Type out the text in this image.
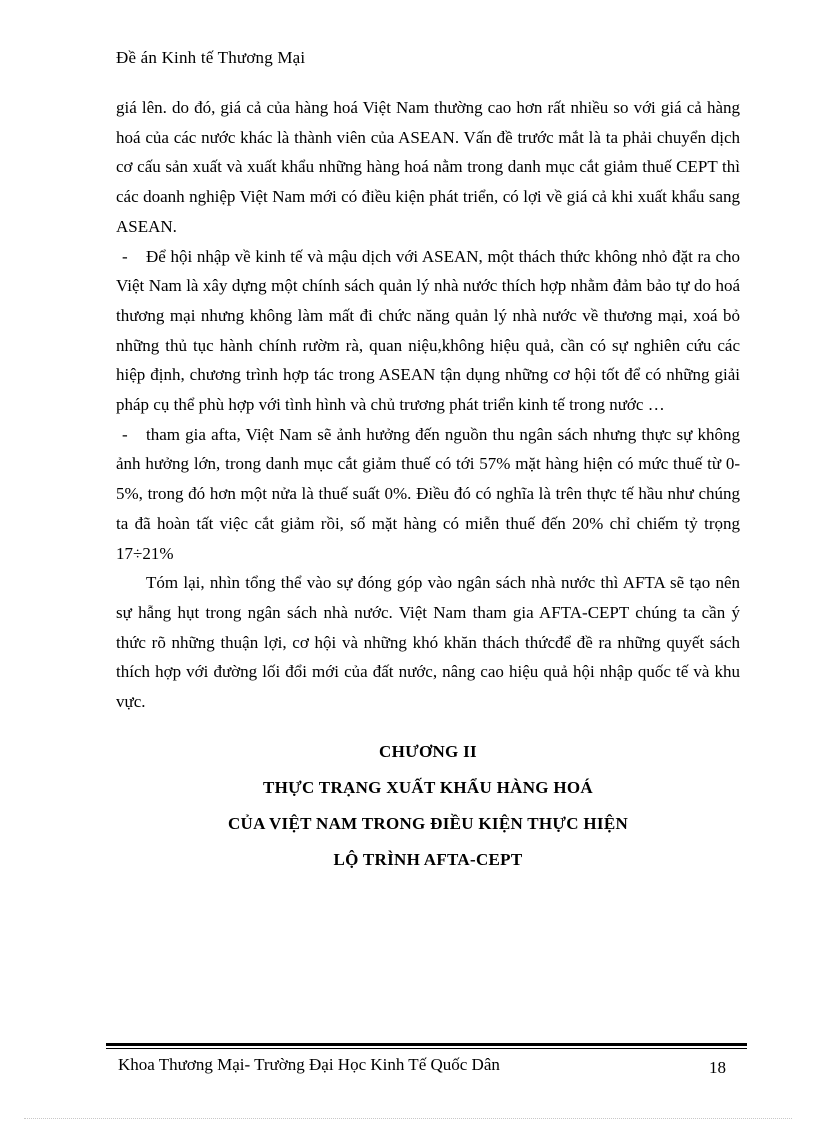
Đề án Kinh tế Thương Mại

giá lên. do đó, giá cả của hàng hoá Việt Nam thường cao hơn rất nhiều so với giá cả hàng hoá của các nước khác là thành viên của ASEAN. Vấn đề trước mắt là ta phải chuyển dịch cơ cấu sản xuất và xuất khẩu những hàng hoá nằm trong danh mục cắt giảm thuế CEPT thì các doanh nghiệp Việt Nam mới có điều kiện phát triển, có lợi về giá cả khi xuất khẩu sang ASEAN.

- Để hội nhập về kinh tế và mậu dịch với ASEAN, một thách thức không nhỏ đặt ra cho Việt Nam là xây dựng một chính sách quản lý nhà nước thích hợp nhằm đảm bảo tự do hoá thương mại nhưng không làm mất đi chức năng quản lý nhà nước về thương mại, xoá bỏ những thủ tục hành chính rườm rà, quan niệu,không hiệu quả, cần có sự nghiên cứu các hiệp định, chương trình hợp tác trong ASEAN tận dụng những cơ hội tốt để có những giải pháp cụ thể phù hợp với tình hình và chủ trương phát triển kinh tế trong nước …

- tham gia afta, Việt Nam sẽ ảnh hưởng đến nguồn thu ngân sách nhưng thực sự không ảnh hưởng lớn, trong danh mục cắt giảm thuế có tới 57% mặt hàng hiện có mức thuế từ 0-5%, trong đó hơn một nửa là thuế suất 0%. Điều đó có nghĩa là trên thực tế hầu như chúng ta đã hoàn tất việc cắt giảm rồi, số mặt hàng có miễn thuế đến 20% chỉ chiếm tỷ trọng 17÷21%

Tóm lại, nhìn tổng thể vào sự đóng góp vào ngân sách nhà nước thì AFTA sẽ tạo nên sự hẫng hụt trong ngân sách nhà nước. Việt Nam tham gia AFTA-CEPT chúng ta cần ý thức rõ những thuận lợi, cơ hội và những khó khăn thách thứcđể đề ra những quyết sách thích hợp với đường lối đổi mới của đất nước, nâng cao hiệu quả hội nhập quốc tế và khu vực.

CHƯƠNG II
THỰC TRẠNG XUẤT KHẨU HÀNG HOÁ
CỦA VIỆT NAM TRONG ĐIỀU KIỆN THỰC HIỆN
LỘ TRÌNH AFTA-CEPT
Khoa Thương Mại- Trường Đại Học Kinh Tế Quốc Dân	18
